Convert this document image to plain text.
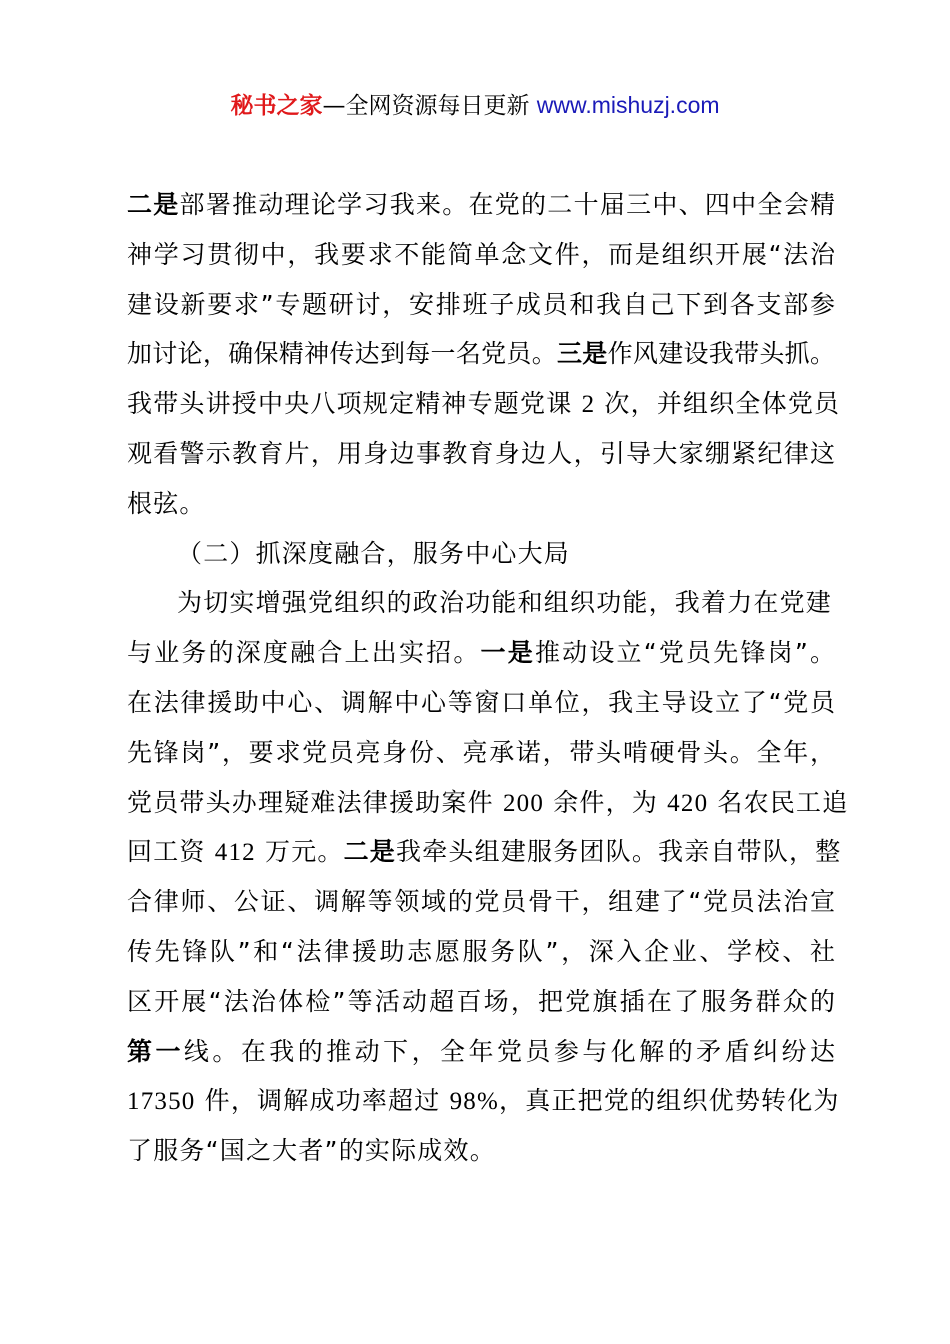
秘书之家—全网资源每日更新 www.mishuzj.com
二是部署推动理论学习我来。在党的二十届三中、四中全会精
神学习贯彻中，我要求不能简单念文件，而是组织开展“法治
建设新要求”专题研讨，安排班子成员和我自己下到各支部参
加讨论，确保精神传达到每一名党员。三是作风建设我带头抓。
我带头讲授中央八项规定精神专题党课 2 次，并组织全体党员
观看警示教育片，用身边事教育身边人，引导大家绷紧纪律这
根弦。
（二）抓深度融合，服务中心大局
为切实增强党组织的政治功能和组织功能，我着力在党建
与业务的深度融合上出实招。一是推动设立“党员先锋岗”。
在法律援助中心、调解中心等窗口单位，我主导设立了“党员
先锋岗”，要求党员亮身份、亮承诺，带头啃硬骨头。全年，
党员带头办理疑难法律援助案件 200 余件，为 420 名农民工追
回工资 412 万元。二是我牵头组建服务团队。我亲自带队，整
合律师、公证、调解等领域的党员骨干，组建了“党员法治宣
传先锋队”和“法律援助志愿服务队”，深入企业、学校、社
区开展“法治体检”等活动超百场，把党旗插在了服务群众的
第一线。在我的推动下，全年党员参与化解的矛盾纠纷达
17350 件，调解成功率超过 98%，真正把党的组织优势转化为
了服务“国之大者”的实际成效。
